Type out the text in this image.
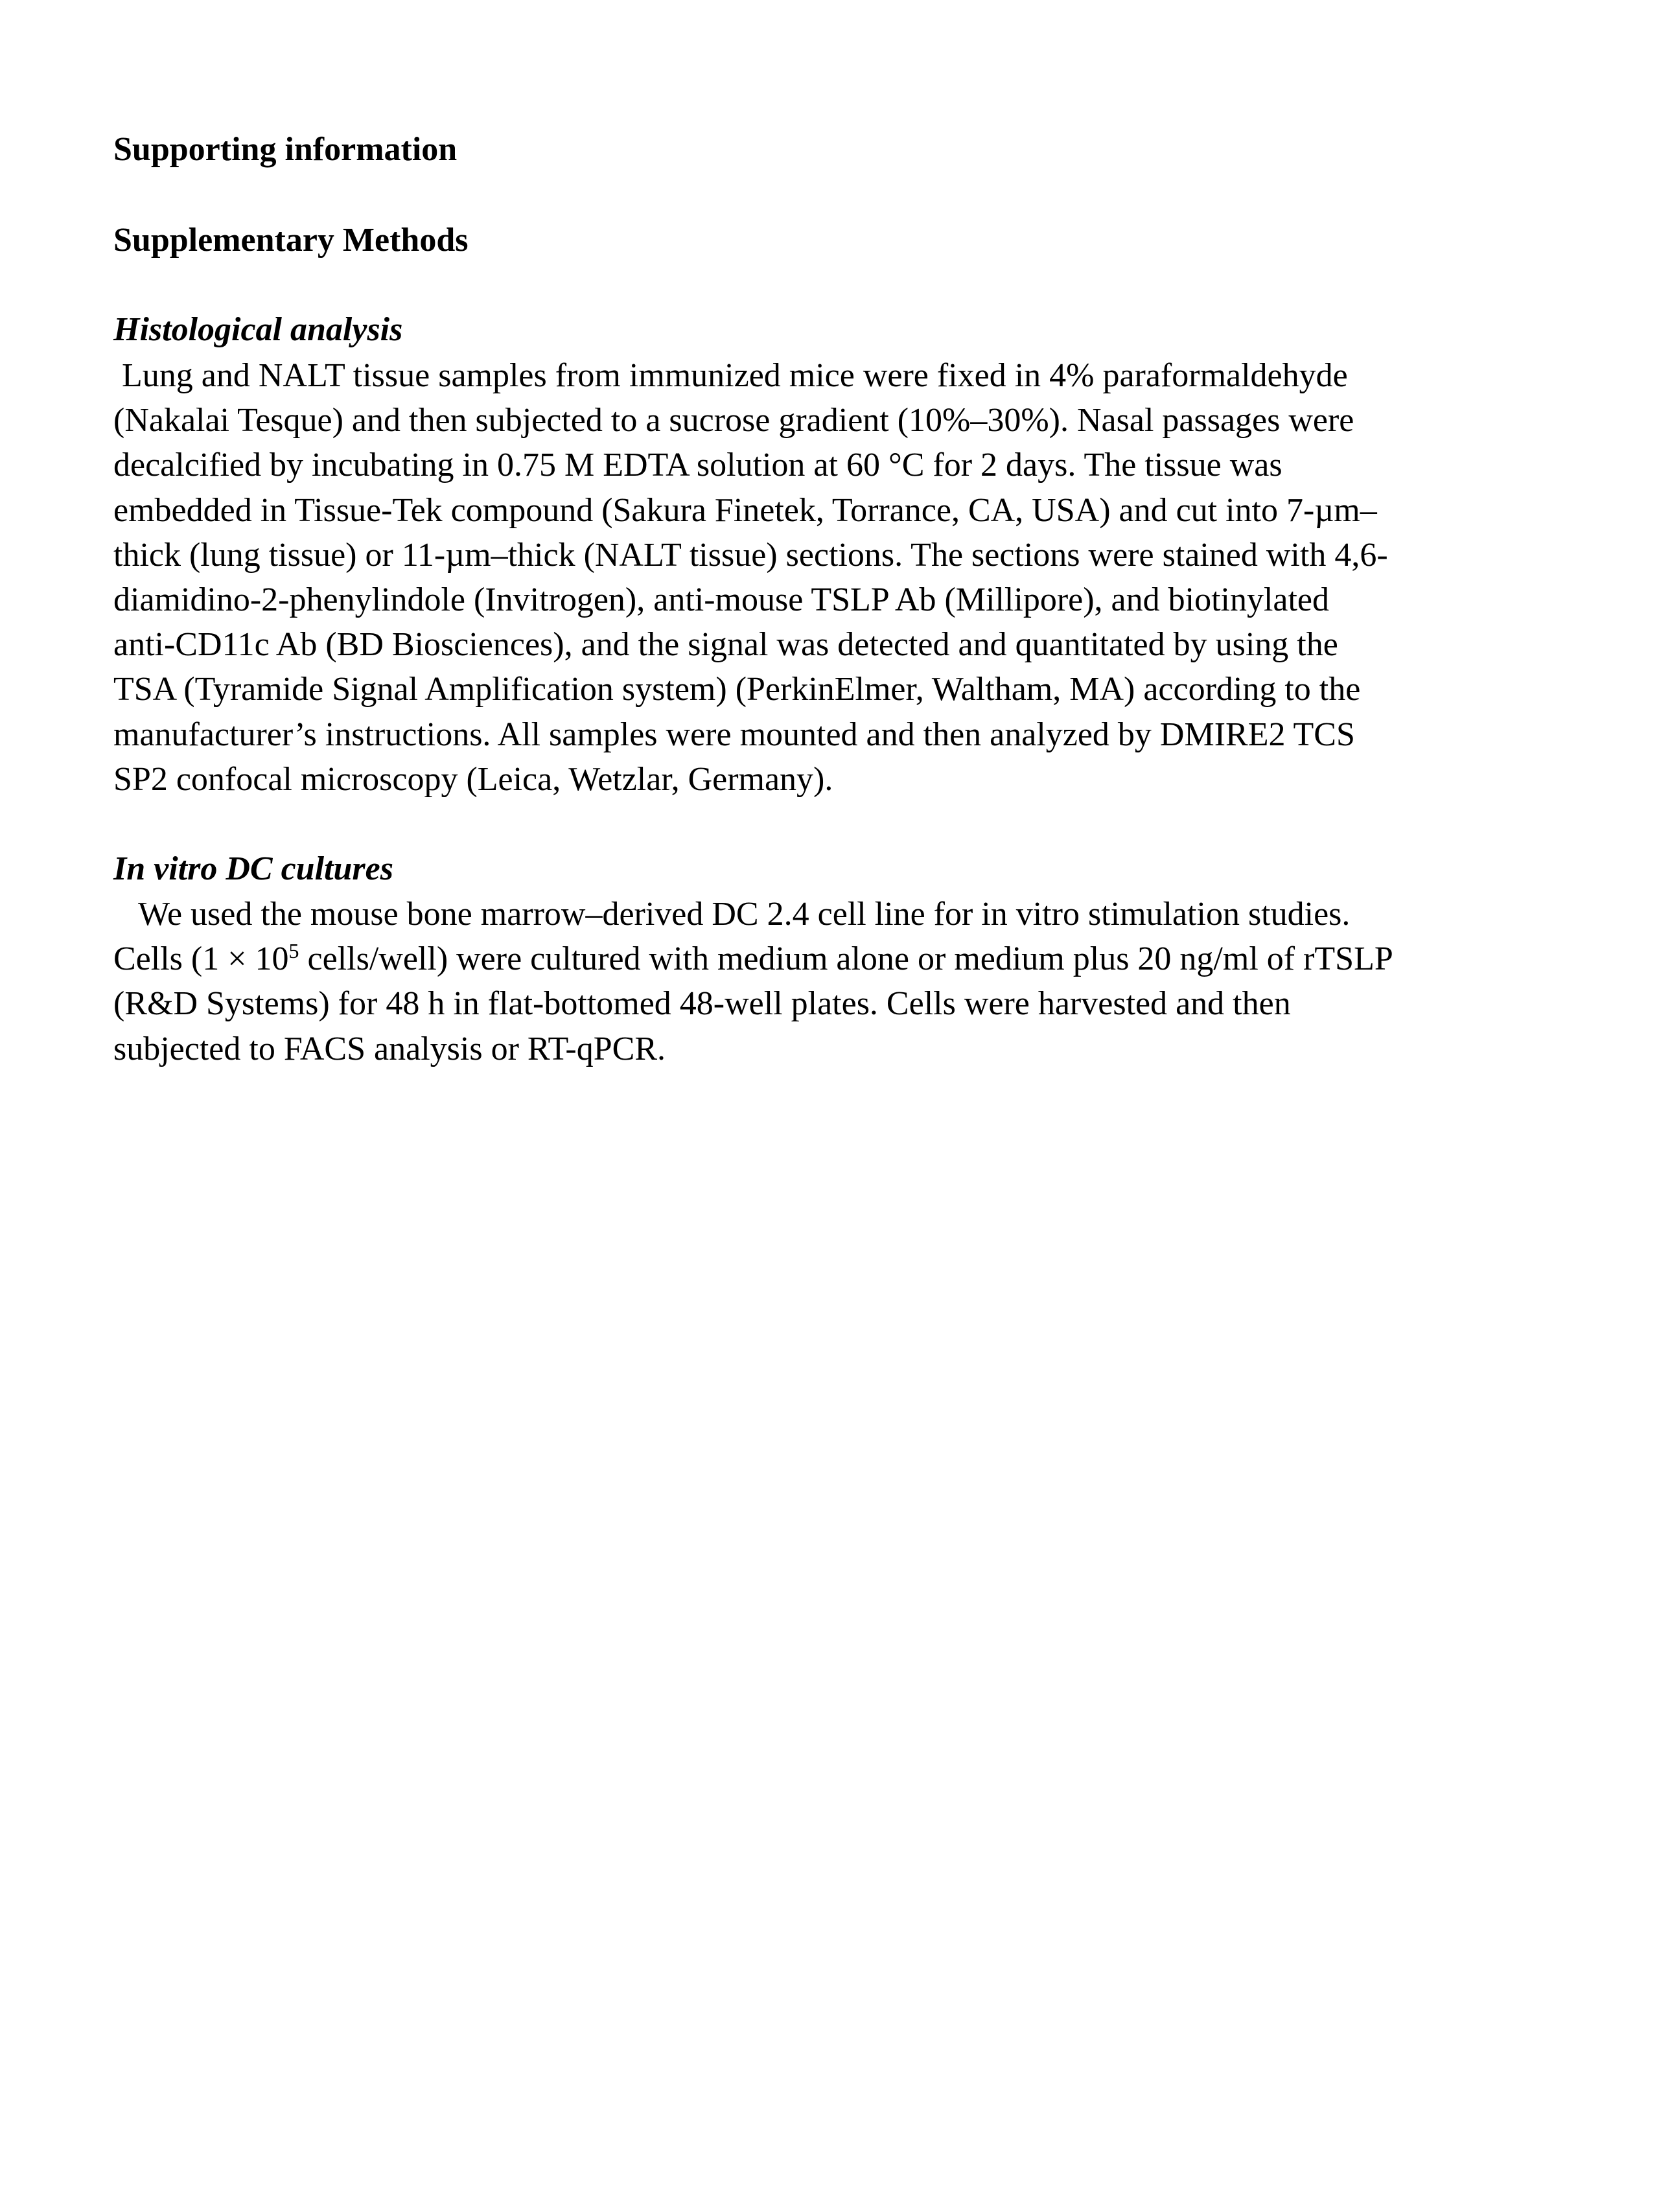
Supporting information
Supplementary Methods
Histological analysis
Lung and NALT tissue samples from immunized mice were fixed in 4% paraformaldehyde
(Nakalai Tesque) and then subjected to a sucrose gradient (10%–30%). Nasal passages were
decalcified by incubating in 0.75 M EDTA solution at 60 °C for 2 days. The tissue was
embedded in Tissue-Tek compound (Sakura Finetek, Torrance, CA, USA) and cut into 7-µm–
thick (lung tissue) or 11-µm–thick (NALT tissue) sections. The sections were stained with 4,6-
diamidino-2-phenylindole (Invitrogen), anti-mouse TSLP Ab (Millipore), and biotinylated
anti-CD11c Ab (BD Biosciences), and the signal was detected and quantitated by using the
TSA (Tyramide Signal Amplification system) (PerkinElmer, Waltham, MA) according to the
manufacturer’s instructions. All samples were mounted and then analyzed by DMIRE2 TCS
SP2 confocal microscopy (Leica, Wetzlar, Germany).
In vitro DC cultures
We used the mouse bone marrow–derived DC 2.4 cell line for in vitro stimulation studies.
Cells ($1 \times 10^5$ cells/well) were cultured with medium alone or medium plus 20 ng/ml of rTSLP
(R&D Systems) for 48 h in flat-bottomed 48-well plates. Cells were harvested and then
subjected to FACS analysis or RT-qPCR.
